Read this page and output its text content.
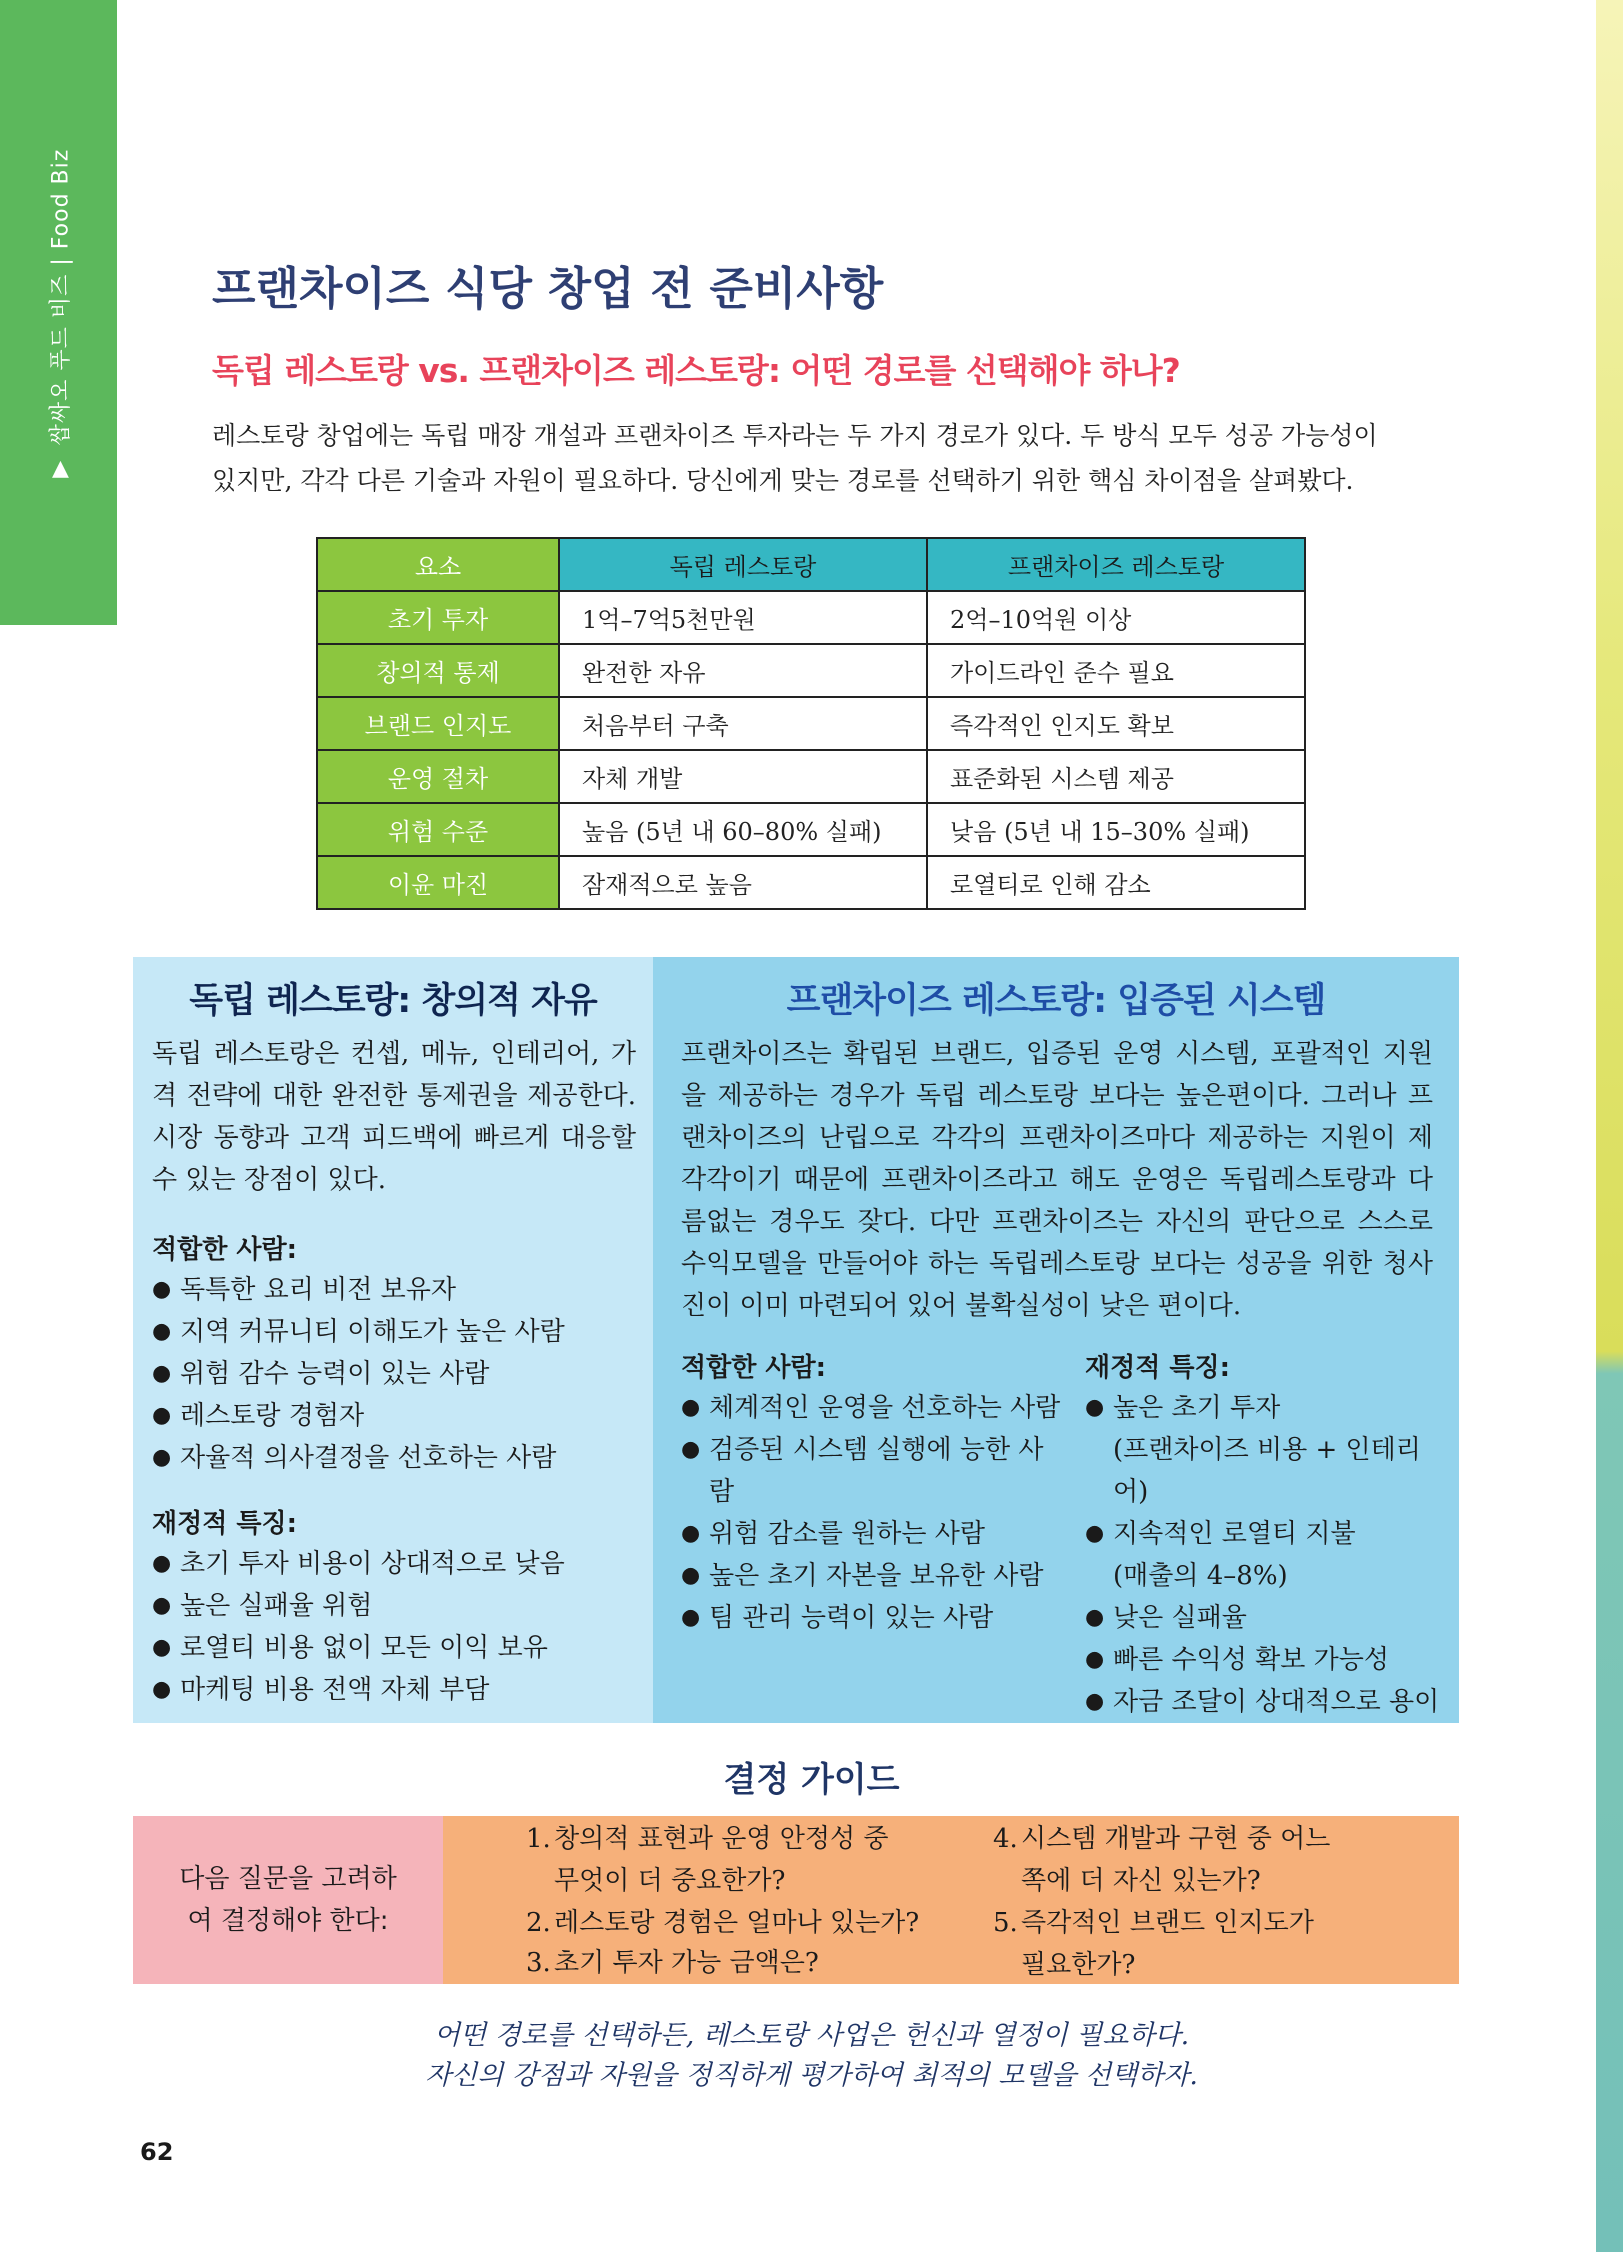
▲쌉싸오 푸드 비즈 | Food Biz	프랜차이즈 식당 창업 전 준비사항
독립 레스토랑 vs. 프랜차이즈 레스토랑: 어떤 경로를 선택해야 하나?

레스토랑 창업에는 독립 매장 개설과 프랜차이즈 투자라는 두 가지 경로가 있다. 두 방식 모두 성공 가능성이

있지만, 각각 다른 기술과 자원이 필요하다. 당신에게 맞는 경로를 선택하기 위한 핵심 차이점을 살펴봤다.

요소	독립 레스토랑	프랜차이즈 레스토랑
초기 투자	1억–7억5천만원	2억–10억원 이상
창의적 통제	완전한 자유	가이드라인 준수 필요
브랜드 인지도	처음부터 구축	즉각적인 인지도 확보
운영 절차	자체 개발	표준화된 시스템 제공
위험 수준	높음 (5년 내 60–80% 실패)	낮음 (5년 내 15–30% 실패)
이윤 마진	잠재적으로 높음	로열티로 인해 감소
독립 레스토랑: 창의적 자유

독립 레스토랑은 컨셉, 메뉴, 인테리어, 가격 전략에 대한 완전한 통제권을 제공한다. 시장 동향과 고객 피드백에 빠르게 대응할 수 있는 장점이 있다.

적합한 사람:

● 독특한 요리 비전 보유자
● 지역 커뮤니티 이해도가 높은 사람
● 위험 감수 능력이 있는 사람
● 레스토랑 경험자
● 자율적 의사결정을 선호하는 사람

재정적 특징:

● 초기 투자 비용이 상대적으로 낮음
● 높은 실패율 위험
● 로열티 비용 없이 모든 이익 보유
● 마케팅 비용 전액 자체 부담
프랜차이즈 레스토랑: 입증된 시스템

프랜차이즈는 확립된 브랜드, 입증된 운영 시스템, 포괄적인 지원을 제공하는 경우가 독립 레스토랑 보다는 높은편이다. 그러나 프랜차이즈의 난립으로 각각의 프랜차이즈마다 제공하는 지원이 제각각이기 때문에 프랜차이즈라고 해도 운영은 독립레스토랑과 다름없는 경우도 잦다. 다만 프랜차이즈는 자신의 판단으로 스스로 수익모델을 만들어야 하는 독립레스토랑 보다는 성공을 위한 청사진이 이미 마련되어 있어 불확실성이 낮은 편이다.

적합한 사람:

● 체계적인 운영을 선호하는 사람
● 검증된 시스템 실행에 능한 사람
● 위험 감소를 원하는 사람
● 높은 초기 자본을 보유한 사람
● 팀 관리 능력이 있는 사람

재정적 특징:

● 높은 초기 투자
(프랜차이즈 비용 + 인테리어)
● 지속적인 로열티 지불
(매출의 4–8%)
● 낮은 실패율
● 빠른 수익성 확보 가능성
● 자금 조달이 상대적으로 용이
결정 가이드
다음 질문을 고려하여 결정해야 한다:
1. 창의적 표현과 운영 안정성 중
무엇이 더 중요한가?
2. 레스토랑 경험은 얼마나 있는가?
3. 초기 투자 가능 금액은?
4. 시스템 개발과 구현 중 어느
쪽에 더 자신 있는가?
5. 즉각적인 브랜드 인지도가
필요한가?

어떤 경로를 선택하든, 레스토랑 사업은 헌신과 열정이 필요하다.

자신의 강점과 자원을 정직하게 평가하여 최적의 모델을 선택하자.

62
